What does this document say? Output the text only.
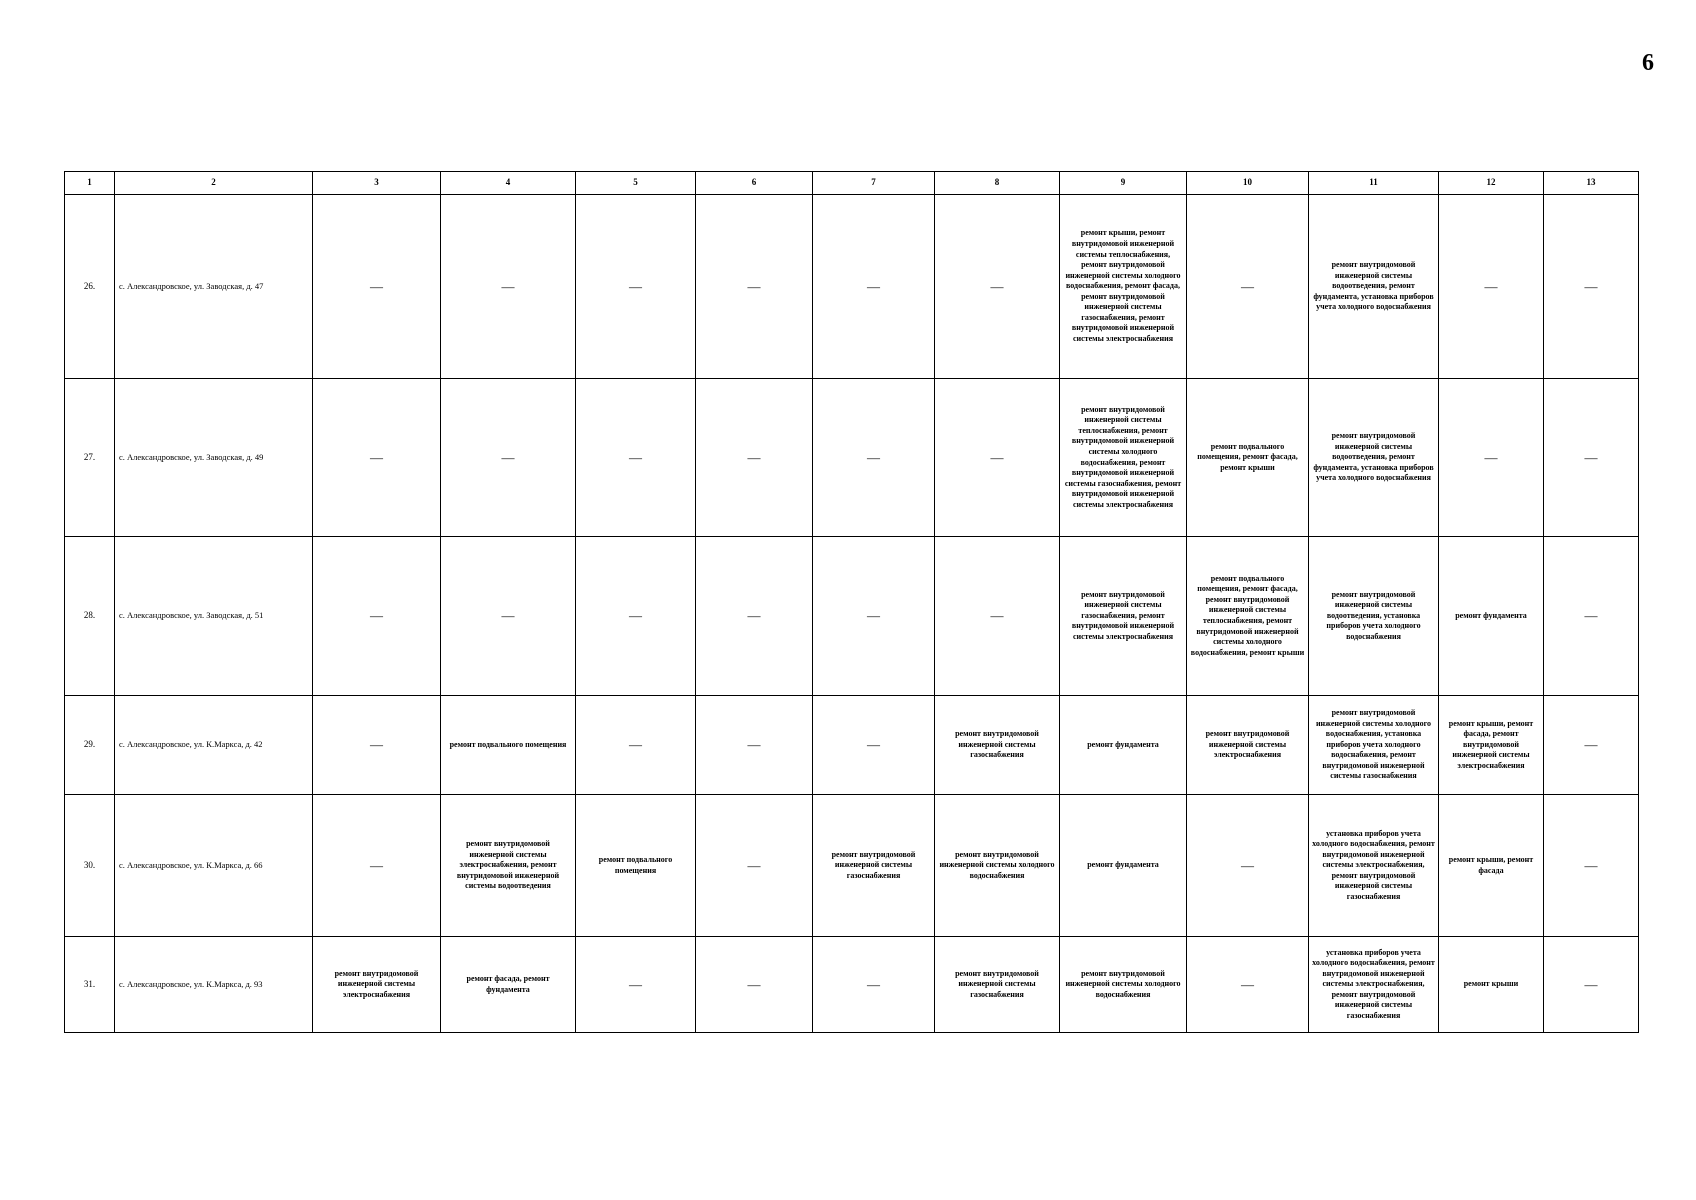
6
1	2	3	4	5	6	7	8	9	10	11	12	13
26.	с. Александровское, ул. Заводская, д. 47	—	—	—	—	—	—	ремонт крыши, ремонт внутридомовой инженерной системы теплоснабжения, ремонт внутридомовой инженерной системы холодного водоснабжения, ремонт фасада, ремонт внутридомовой инженерной системы газоснабжения, ремонт внутридомовой инженерной системы электроснабжения	—	ремонт внутридомовой инженерной системы водоотведения, ремонт фундамента, установка приборов учета холодного водоснабжения	—	—
27.	с. Александровское, ул. Заводская, д. 49	—	—	—	—	—	—	ремонт внутридомовой инженерной системы теплоснабжения, ремонт внутридомовой инженерной системы холодного водоснабжения, ремонт внутридомовой инженерной системы газоснабжения, ремонт внутридомовой инженерной системы электроснабжения	ремонт подвального помещения, ремонт фасада, ремонт крыши	ремонт внутридомовой инженерной системы водоотведения, ремонт фундамента, установка приборов учета холодного водоснабжения	—	—
28.	с. Александровское, ул. Заводская, д. 51	—	—	—	—	—	—	ремонт внутридомовой инженерной системы газоснабжения, ремонт внутридомовой инженерной системы электроснабжения	ремонт подвального помещения, ремонт фасада, ремонт внутридомовой инженерной системы теплоснабжения, ремонт внутридомовой инженерной системы холодного водоснабжения, ремонт крыши	ремонт внутридомовой инженерной системы водоотведения, установка приборов учета холодного водоснабжения	ремонт фундамента	—
29.	с. Александровское, ул. К.Маркса, д. 42	—	ремонт подвального помещения	—	—	—	ремонт внутридомовой инженерной системы газоснабжения	ремонт фундамента	ремонт внутридомовой инженерной системы электроснабжения	ремонт внутридомовой инженерной системы холодного водоснабжения, установка приборов учета холодного водоснабжения, ремонт внутридомовой инженерной системы газоснабжения	ремонт крыши, ремонт фасада, ремонт внутридомовой инженерной системы электроснабжения	—
30.	с. Александровское, ул. К.Маркса, д. 66	—	ремонт внутридомовой инженерной системы электроснабжения, ремонт внутридомовой инженерной системы водоотведения	ремонт подвального помещения	—	ремонт внутридомовой инженерной системы газоснабжения	ремонт внутридомовой инженерной системы холодного водоснабжения	ремонт фундамента	—	установка приборов учета холодного водоснабжения, ремонт внутридомовой инженерной системы электроснабжения, ремонт внутридомовой инженерной системы газоснабжения	ремонт крыши, ремонт фасада	—
31.	с. Александровское, ул. К.Маркса, д. 93	ремонт внутридомовой инженерной системы электроснабжения	ремонт фасада, ремонт фундамента	—	—	—	ремонт внутридомовой инженерной системы газоснабжения	ремонт внутридомовой инженерной системы холодного водоснабжения	—	установка приборов учета холодного водоснабжения, ремонт внутридомовой инженерной системы электроснабжения, ремонт внутридомовой инженерной системы газоснабжения	ремонт крыши	—
